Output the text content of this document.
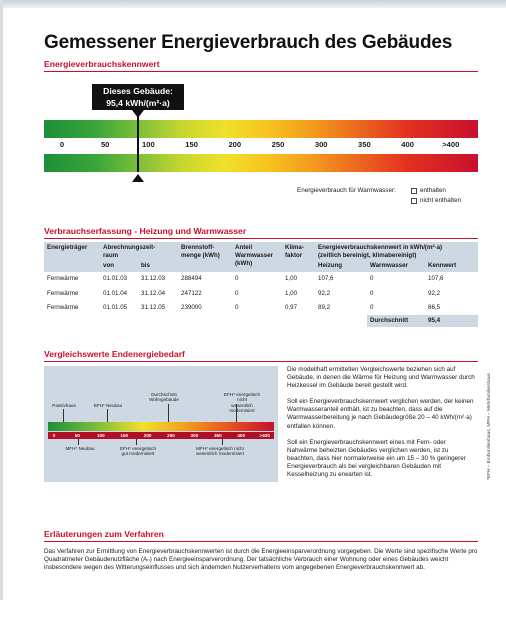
Gemessener Energieverbrauch des Gebäudes
Energieverbrauchskennwert
0	50	100	150	200	250	300	350	400	>400
Dieses Gebäude:
95,4 kWh/(m²·a)
Energieverbrauch für Warmwasser:	enthalten
nicht enthalten
Verbrauchserfassung - Heizung und Warmwasser
Energieträger	Abrechnungszeit-
raum		Brennstoff-
menge (kWh)	Anteil
Warmwasser
(kWh)	Klima-
faktor	Energieverbrauchskennwert in kWh/(m²·a)
(zeitlich bereinigt, klimabereinigt)		
	von	bis				Heizung	Warmwasser	Kennwert
Fernwärme	01.01.03	31.12.03	288494	0	1,00	107,6	0	107,6
Fernwärme	01.01.04	31.12.04	247122	0	1,00	92,2	0	92,2
Fernwärme	01.01.05	31.12.05	239000	0	0,97	89,2	0	86,5
							Durchschnitt	95,4
Vergleichswerte Endenergiebedarf
Passivhaus	EFH* Neubau
Durchschnitt
Wohngebäude
EFH* energetisch nicht
wesentlich modernisiert
0	50	100	150	200	250	300	350	400	>400
MFH* Neubau	EFH* energetisch
gut modernisiert
MFH* energetisch nicht
wesentlich modernisiert

Die modellhaft ermittelten Vergleichswerte beziehen sich auf Gebäude, in denen die Wärme für Heizung und Warmwasser durch Heizkessel im Gebäude bereit gestellt wird.

Soll ein Energieverbrauchskennwert verglichen werden, der keinen Warmwasseranteil enthält, ist zu beachten, dass auf die Warmwasserbereitung je nach Gebäudegröße 20 – 40 kWh/(m²·a) entfallen können.

Soll ein Energieverbrauchskennwert eines mit Fern- oder Nahwärme beheizten Gebäudes verglichen werden, ist zu beachten, dass hier normalerweise ein um 15 – 30 % geringerer Energieverbrauch als bei vergleichbaren Gebäuden mit Kesselheizung zu erwarten ist.

Erläuterungen zum Verfahren
Das Verfahren zur Ermittlung von Energieverbrauchskennwerten ist durch die Energieeinsparverordnung vorgegeben. Die Werte sind spezifische Werte pro Quadratmeter Gebäudenutzfläche (Aₙ) nach Energieeinsparverordnung. Der tatsächliche Verbrauch einer Wohnung oder eines Gebäudes weicht insbesondere wegen des Witterungseinflusses und sich ändernden Nutzerverhaltens vom angegebenen Energieverbrauchskennwert ab.
*EFH – Einfamilienhaus, MFH – Mehrfamilienhaus
